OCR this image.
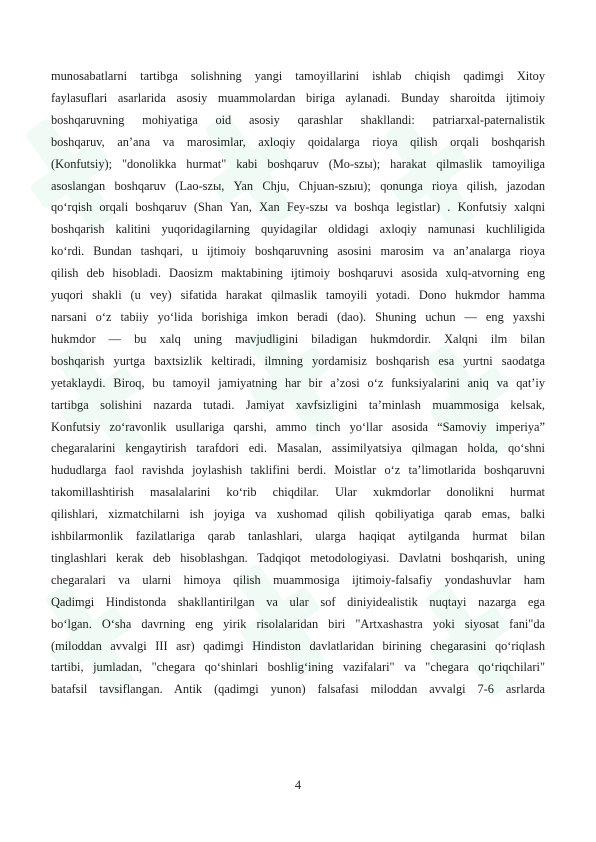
munosabatlarni tartibga solishning yangi tamoyillarini ishlab chiqish qadimgi Xitoy
faylasuflari asarlarida asosiy muammolardan biriga aylanadi. Bunday sharoitda ijtimoiy
boshqaruvning mohiyatiga oid asosiy qarashlar shakllandi: patriarxal-paternalistik
boshqaruv, an’ana va marosimlar, axloqiy qoidalarga rioya qilish orqali boshqarish
(Konfutsiy); "donolikka hurmat" kabi boshqaruv (Mo-szы); harakat qilmaslik tamoyiliga
asoslangan boshqaruv (Lao-szы, Yan Chju, Chjuan-szыu); qonunga rioya qilish, jazodan
qo‘rqish orqali boshqaruv (Shan Yan, Xan Fey-szы va boshqa legistlar) . Konfutsiy xalqni
boshqarish kalitini yuqoridagilarning quyidagilar oldidagi axloqiy namunasi kuchliligida
ko‘rdi. Bundan tashqari, u ijtimoiy boshqaruvning asosini marosim va an’analarga rioya
qilish deb hisobladi. Daosizm maktabining ijtimoiy boshqaruvi asosida xulq-atvorning eng
yuqori shakli (u vey) sifatida harakat qilmaslik tamoyili yotadi. Dono hukmdor hamma
narsani o‘z tabiiy yo‘lida borishiga imkon beradi (dao). Shuning uchun — eng yaxshi
hukmdor — bu xalq uning mavjudligini biladigan hukmdordir. Xalqni ilm bilan
boshqarish yurtga baxtsizlik keltiradi, ilmning yordamisiz boshqarish esa yurtni saodatga
yetaklaydi. Biroq, bu tamoyil jamiyatning har bir a’zosi o‘z funksiyalarini aniq va qat’iy
tartibga solishini nazarda tutadi. Jamiyat xavfsizligini ta’minlash muammosiga kelsak,
Konfutsiy zo‘ravonlik usullariga qarshi, ammo tinch yo‘llar asosida “Samoviy imperiya”
chegaralarini kengaytirish tarafdori edi. Masalan, assimilyatsiya qilmagan holda, qo‘shni
hududlarga faol ravishda joylashish taklifini berdi. Moistlar o‘z ta’limotlarida boshqaruvni
takomillashtirish masalalarini ko‘rib chiqdilar. Ular xukmdorlar donolikni hurmat
qilishlari, xizmatchilarni ish joyiga va xushomad qilish qobiliyatiga qarab emas, balki
ishbilarmonlik fazilatlariga qarab tanlashlari, ularga haqiqat aytilganda hurmat bilan
tinglashlari kerak deb hisoblashgan. Tadqiqot metodologiyasi. Davlatni boshqarish, uning
chegaralari va ularni himoya qilish muammosiga ijtimoiy-falsafiy yondashuvlar ham
Qadimgi Hindistonda shakllantirilgan va ular sof diniyidealistik nuqtayi nazarga ega
bo‘lgan. O‘sha davrning eng yirik risolalaridan biri "Artxashastra yoki siyosat fani"da
(miloddan avvalgi III asr) qadimgi Hindiston davlatlaridan birining chegarasini qo‘riqlash
tartibi, jumladan, "chegara qo‘shinlari boshlig‘ining vazifalari" va "chegara qo‘riqchilari"
batafsil tavsiflangan. Antik (qadimgi yunon) falsafasi miloddan avvalgi 7-6 asrlarda
4
